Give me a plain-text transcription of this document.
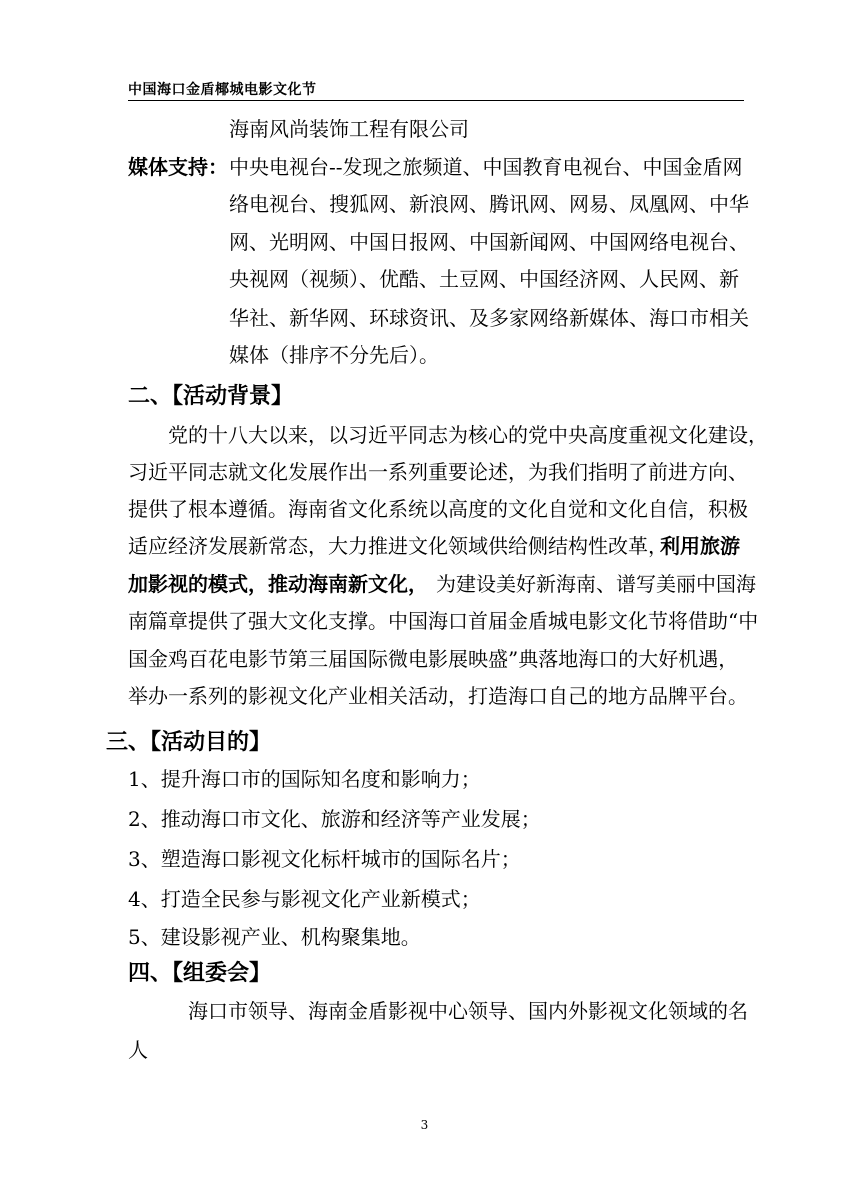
中国海口金盾椰城电影文化节
海南风尚装饰工程有限公司
媒体支持： 中央电视台--发现之旅频道、中国教育电视台、中国金盾网
络电视台、搜狐网、新浪网、腾讯网、网易、凤凰网、中华
网、光明网、中国日报网、中国新闻网、中国网络电视台、
央视网（视频）、优酷、土豆网、中国经济网、人民网、新
华社、新华网、环球资讯、及多家网络新媒体、海口市相关
媒体（排序不分先后）。
二、【活动背景】
党的十八大以来，以习近平同志为核心的党中央高度重视文化建设，
习近平同志就文化发展作出一系列重要论述，为我们指明了前进方向、
提供了根本遵循。海南省文化系统以高度的文化自觉和文化自信，积极
适应经济发展新常态，大力推进文化领域供给侧结构性改革，
利用旅游
加影视的模式，推动海南新文化， 为建设美好新海南、谱写美丽中国海
南篇章提供了强大文化支撑。中国海口首届金盾城电影文化节将借助“中
国金鸡百花电影节第三届国际微电影展映盛”典落地海口的大好机遇，
举办一系列的影视文化产业相关活动，打造海口自己的地方品牌平台。
三、【活动目的】
1、提升海口市的国际知名度和影响力；
2、推动海口市文化、旅游和经济等产业发展；
3、塑造海口影视文化标杆城市的国际名片；
4、打造全民参与影视文化产业新模式；
5、建设影视产业、机构聚集地。
四、【组委会】
海口市领导、海南金盾影视中心领导、国内外影视文化领域的名
人
3
